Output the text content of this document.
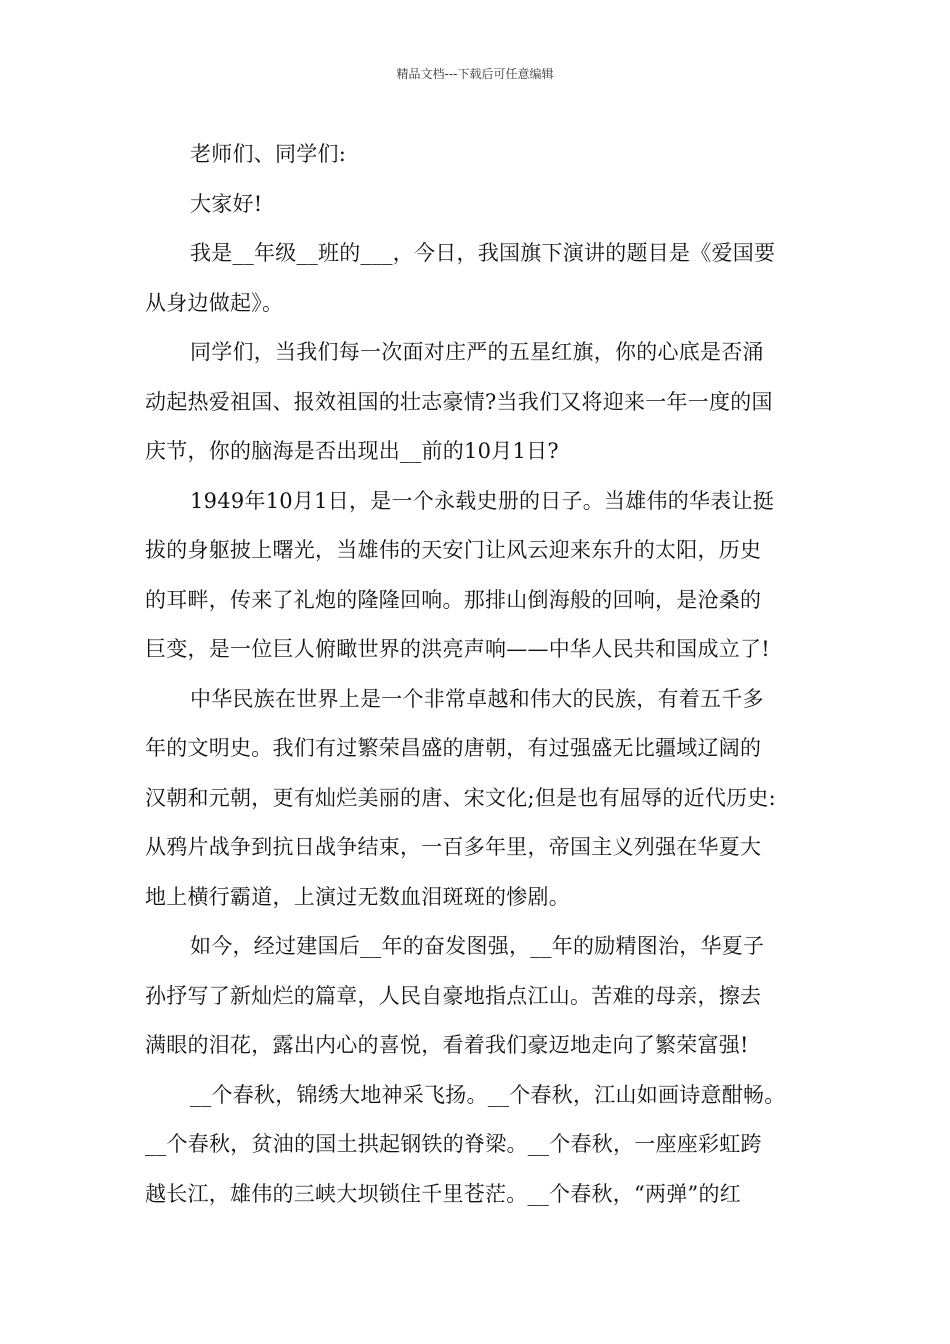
精品文档---下载后可任意编辑
老师们、同学们:
大家好!
我是__年级__班的___，今日，我国旗下演讲的题目是《爱国要
从身边做起》。
同学们，当我们每一次面对庄严的五星红旗，你的心底是否涌
动起热爱祖国、报效祖国的壮志豪情?当我们又将迎来一年一度的国
庆节，你的脑海是否出现出__前的10月1日?
1949年10月1日，是一个永载史册的日子。当雄伟的华表让挺
拔的身躯披上曙光，当雄伟的天安门让风云迎来东升的太阳，历史
的耳畔，传来了礼炮的隆隆回响。那排山倒海般的回响，是沧桑的
巨变，是一位巨人俯瞰世界的洪亮声响——中华人民共和国成立了!
中华民族在世界上是一个非常卓越和伟大的民族，有着五千多
年的文明史。我们有过繁荣昌盛的唐朝，有过强盛无比疆域辽阔的
汉朝和元朝，更有灿烂美丽的唐、宋文化;但是也有屈辱的近代历史:
从鸦片战争到抗日战争结束，一百多年里，帝国主义列强在华夏大
地上横行霸道，上演过无数血泪斑斑的惨剧。
如今，经过建国后__年的奋发图强，__年的励精图治，华夏子
孙抒写了新灿烂的篇章，人民自豪地指点江山。苦难的母亲，擦去
满眼的泪花，露出内心的喜悦，看着我们豪迈地走向了繁荣富强!
__个春秋，锦绣大地神采飞扬。__个春秋，江山如画诗意酣畅。
__个春秋，贫油的国土拱起钢铁的脊梁。__个春秋，一座座彩虹跨
越长江，雄伟的三峡大坝锁住千里苍茫。__个春秋，“两弹”的红
